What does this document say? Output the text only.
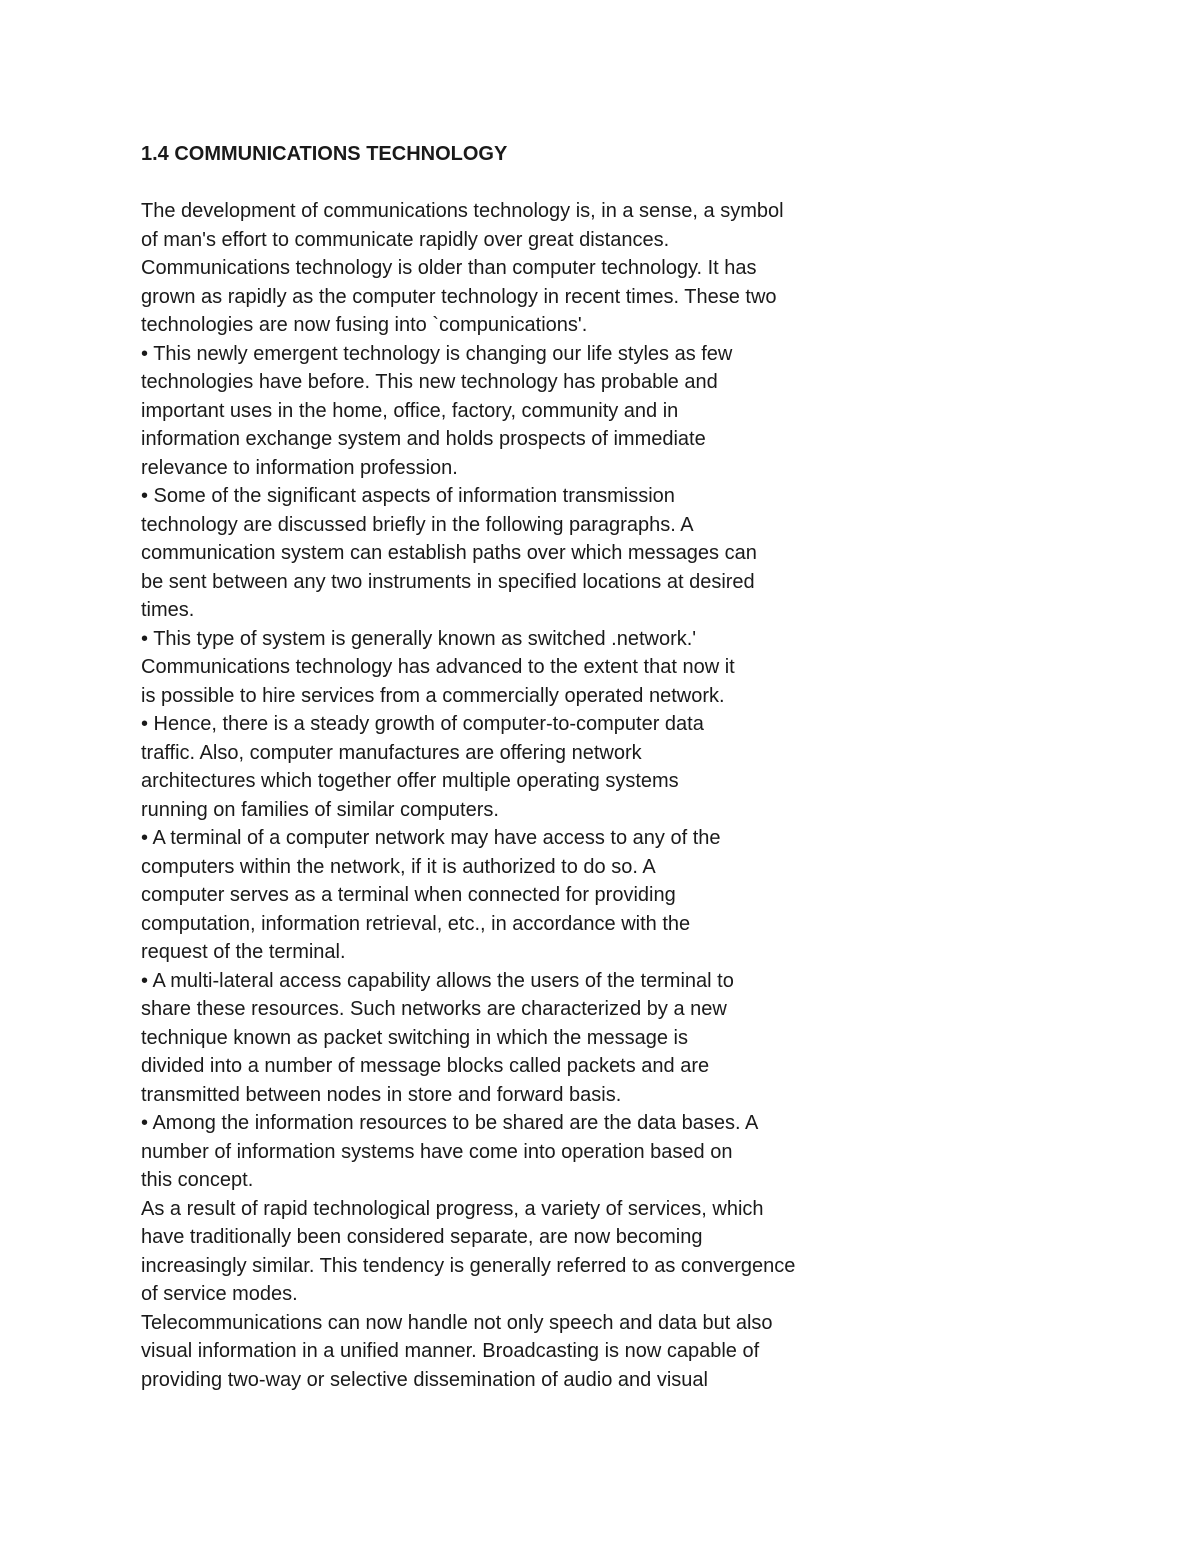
1.4 COMMUNICATIONS TECHNOLOGY
The development of communications technology is, in a sense, a symbol
of man's effort to communicate rapidly over great distances.
Communications technology is older than computer technology. It has
grown as rapidly as the computer technology in recent times. These two
technologies are now fusing into `compunications'.
• This newly emergent technology is changing our life styles as few
technologies have before. This new technology has probable and
important uses in the home, office, factory, community and in
information exchange system and holds prospects of immediate
relevance to information profession.
• Some of the significant aspects of information transmission
technology are discussed briefly in the following paragraphs. A
communication system can establish paths over which messages can
be sent between any two instruments in specified locations at desired
times.
• This type of system is generally known as switched .network.'
Communications technology has advanced to the extent that now it
is possible to hire services from a commercially operated network.
• Hence, there is a steady growth of computer-to-computer data
traffic. Also, computer manufactures are offering network
architectures which together offer multiple operating systems
running on families of similar computers.
• A terminal of a computer network may have access to any of the
computers within the network, if it is authorized to do so. A
computer serves as a terminal when connected for providing
computation, information retrieval, etc., in accordance with the
request of the terminal.
• A multi-lateral access capability allows the users of the terminal to
share these resources. Such networks are characterized by a new
technique known as packet switching in which the message is
divided into a number of message blocks called packets and are
transmitted between nodes in store and forward basis.
• Among the information resources to be shared are the data bases. A
number of information systems have come into operation based on
this concept.
As a result of rapid technological progress, a variety of services, which
have traditionally been considered separate, are now becoming
increasingly similar. This tendency is generally referred to as convergence
of service modes.
Telecommunications can now handle not only speech and data but also
visual information in a unified manner. Broadcasting is now capable of
providing two-way or selective dissemination of audio and visual
